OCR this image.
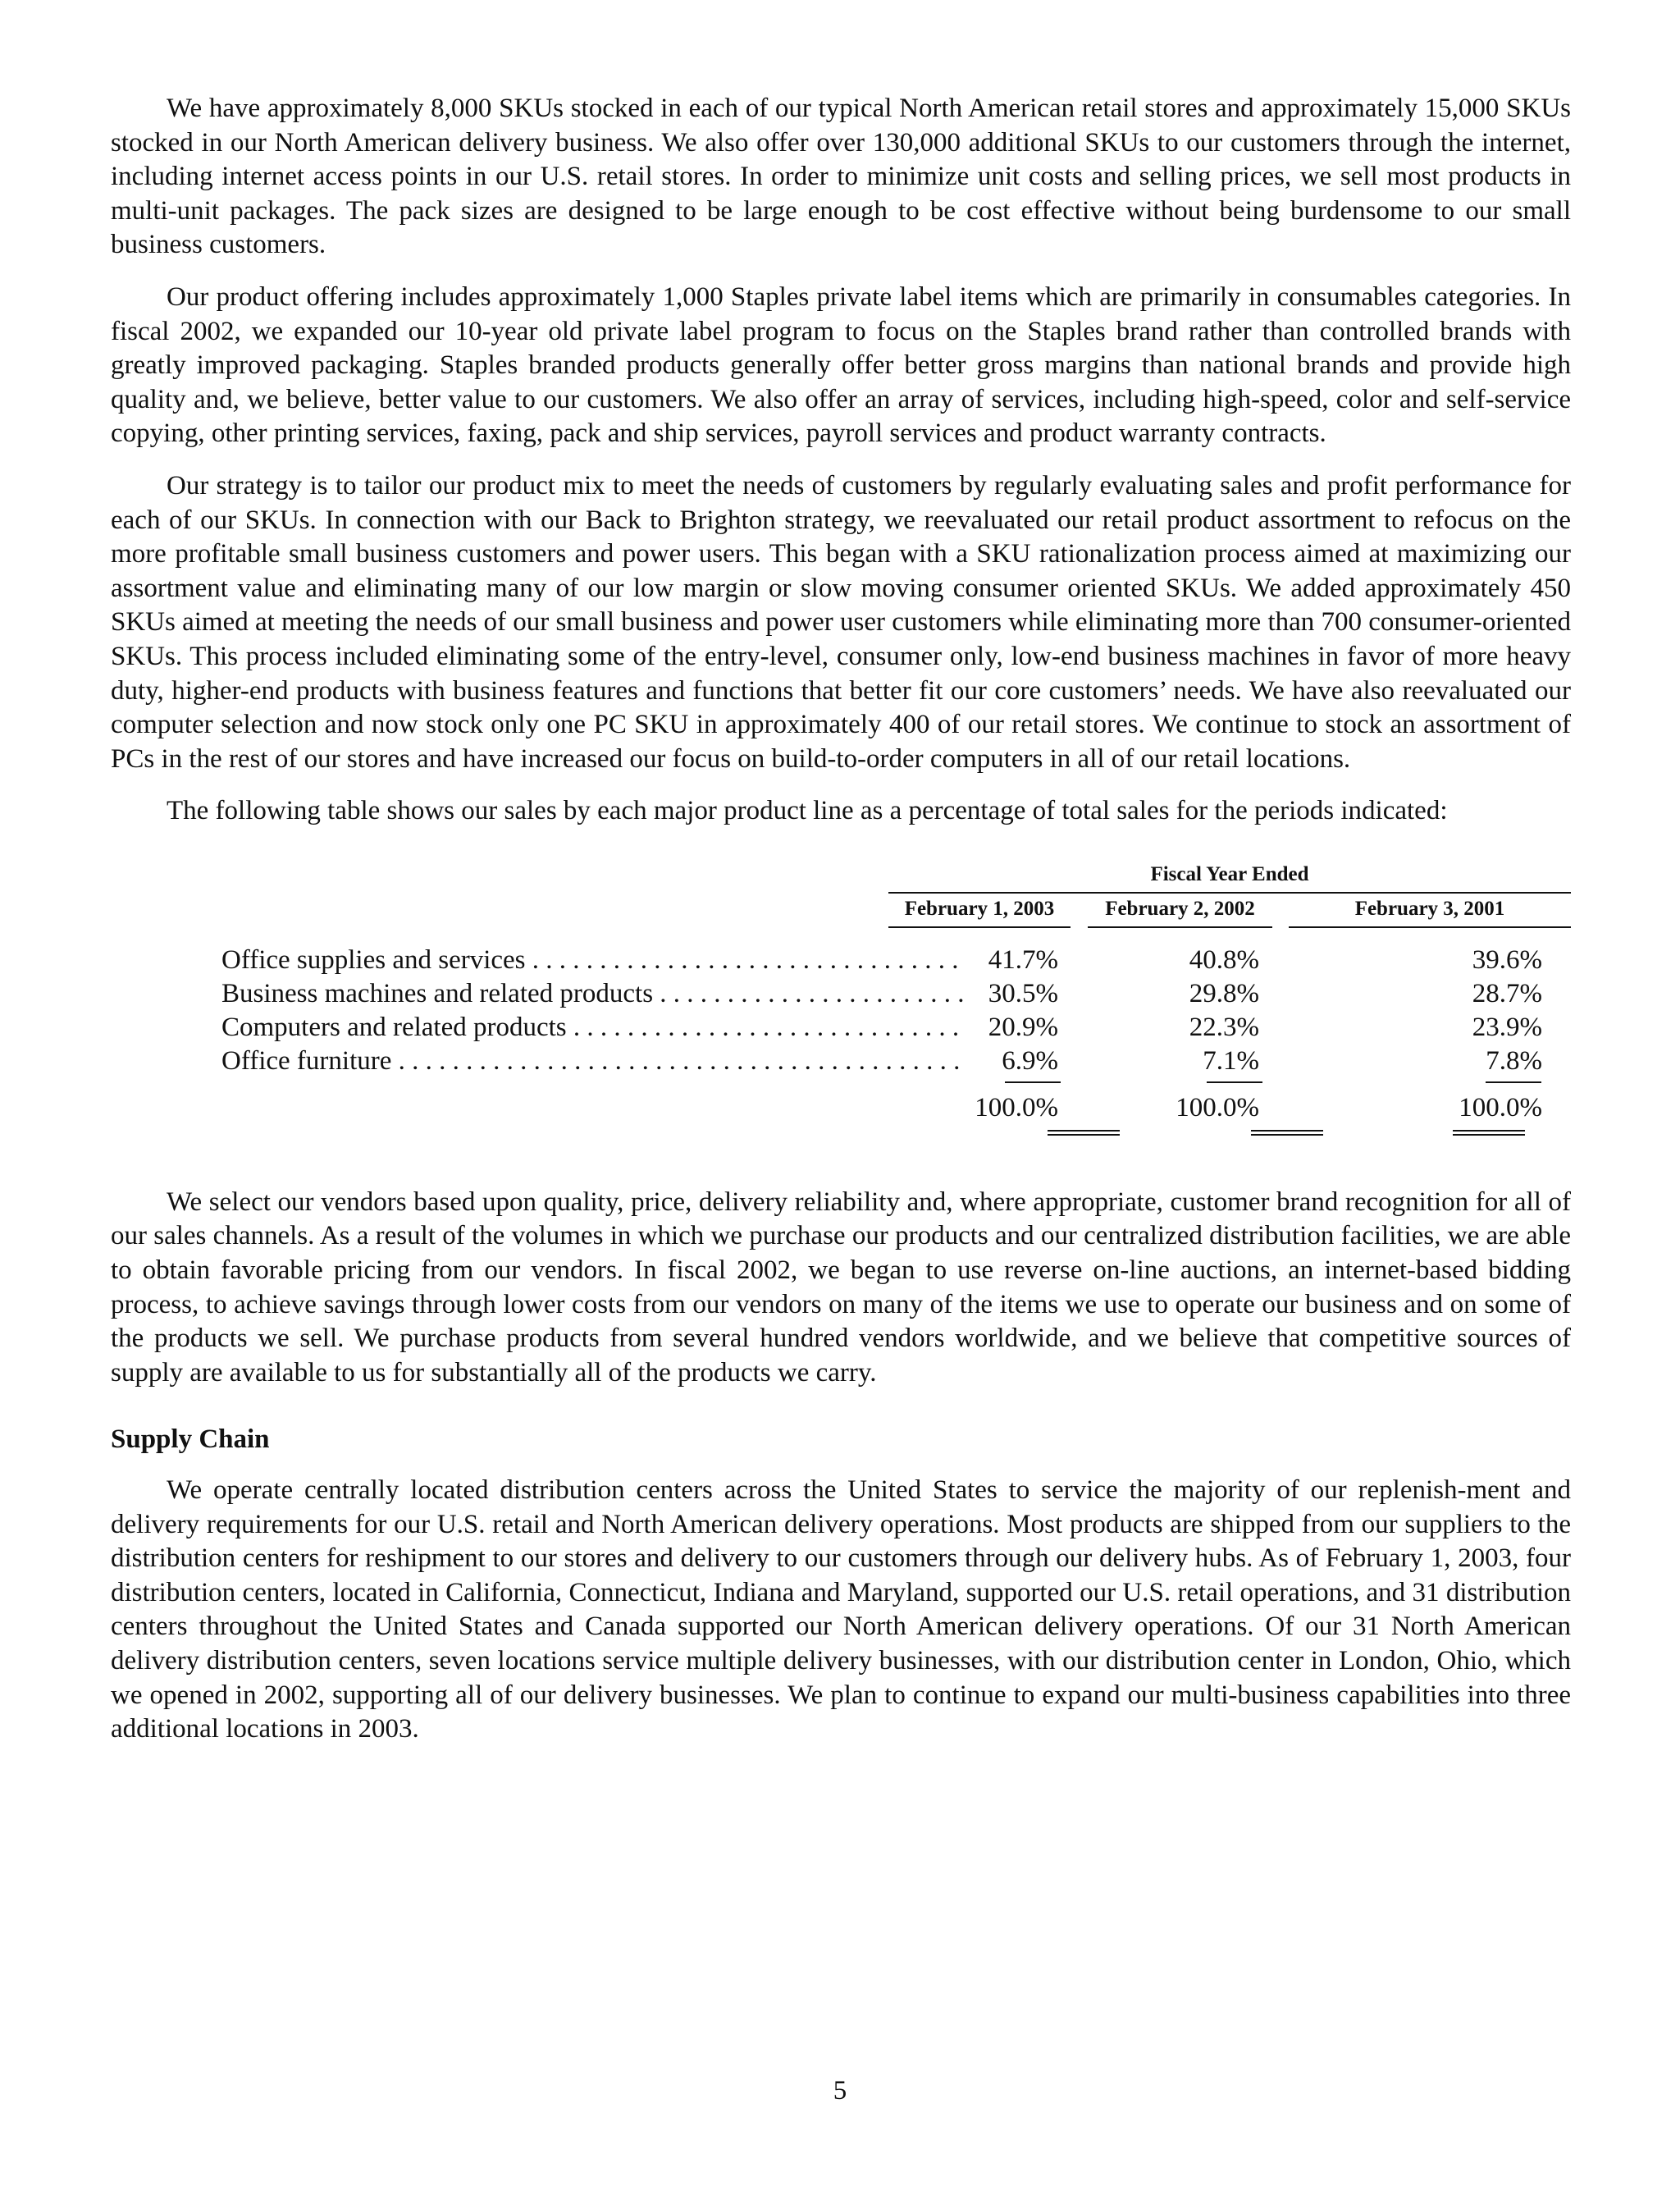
We have approximately 8,000 SKUs stocked in each of our typical North American retail stores and approximately 15,000 SKUs stocked in our North American delivery business. We also offer over 130,000 additional SKUs to our customers through the internet, including internet access points in our U.S. retail stores. In order to minimize unit costs and selling prices, we sell most products in multi-unit packages. The pack sizes are designed to be large enough to be cost effective without being burdensome to our small business customers.

Our product offering includes approximately 1,000 Staples private label items which are primarily in consumables categories. In fiscal 2002, we expanded our 10-year old private label program to focus on the Staples brand rather than controlled brands with greatly improved packaging. Staples branded products generally offer better gross margins than national brands and provide high quality and, we believe, better value to our customers. We also offer an array of services, including high-speed, color and self-service copying, other printing services, faxing, pack and ship services, payroll services and product warranty contracts.

Our strategy is to tailor our product mix to meet the needs of customers by regularly evaluating sales and profit performance for each of our SKUs. In connection with our Back to Brighton strategy, we reevaluated our retail product assortment to refocus on the more profitable small business customers and power users. This began with a SKU rationalization process aimed at maximizing our assortment value and eliminating many of our low margin or slow moving consumer oriented SKUs. We added approximately 450 SKUs aimed at meeting the needs of our small business and power user customers while eliminating more than 700 consumer-oriented SKUs. This process included eliminating some of the entry-level, consumer only, low-end business machines in favor of more heavy duty, higher-end products with business features and functions that better fit our core customers’ needs. We have also reevaluated our computer selection and now stock only one PC SKU in approximately 400 of our retail stores. We continue to stock an assortment of PCs in the rest of our stores and have increased our focus on build-to-order computers in all of our retail locations.

The following table shows our sales by each major product line as a percentage of total sales for the periods indicated:

Fiscal Year Ended
February 1, 2003	February 2, 2002	February 3, 2001
Office supplies and services . . .	41.7%	40.8%	39.6%
Business machines and related products . . .	30.5%	29.8%	28.7%
Computers and related products . . .	20.9%	22.3%	23.9%
Office furniture . . .	6.9%	7.1%	7.8%
100.0%	100.0%	100.0%

We select our vendors based upon quality, price, delivery reliability and, where appropriate, customer brand recognition for all of our sales channels. As a result of the volumes in which we purchase our products and our centralized distribution facilities, we are able to obtain favorable pricing from our vendors. In fiscal 2002, we began to use reverse on-line auctions, an internet-based bidding process, to achieve savings through lower costs from our vendors on many of the items we use to operate our business and on some of the products we sell. We purchase products from several hundred vendors worldwide, and we believe that competitive sources of supply are available to us for substantially all of the products we carry.

Supply Chain

We operate centrally located distribution centers across the United States to service the majority of our replenish-ment and delivery requirements for our U.S. retail and North American delivery operations. Most products are shipped from our suppliers to the distribution centers for reshipment to our stores and delivery to our customers through our delivery hubs. As of February 1, 2003, four distribution centers, located in California, Connecticut, Indiana and Maryland, supported our U.S. retail operations, and 31 distribution centers throughout the United States and Canada supported our North American delivery operations. Of our 31 North American delivery distribution centers, seven locations service multiple delivery businesses, with our distribution center in London, Ohio, which we opened in 2002, supporting all of our delivery businesses. We plan to continue to expand our multi-business capabilities into three additional locations in 2003.

5
